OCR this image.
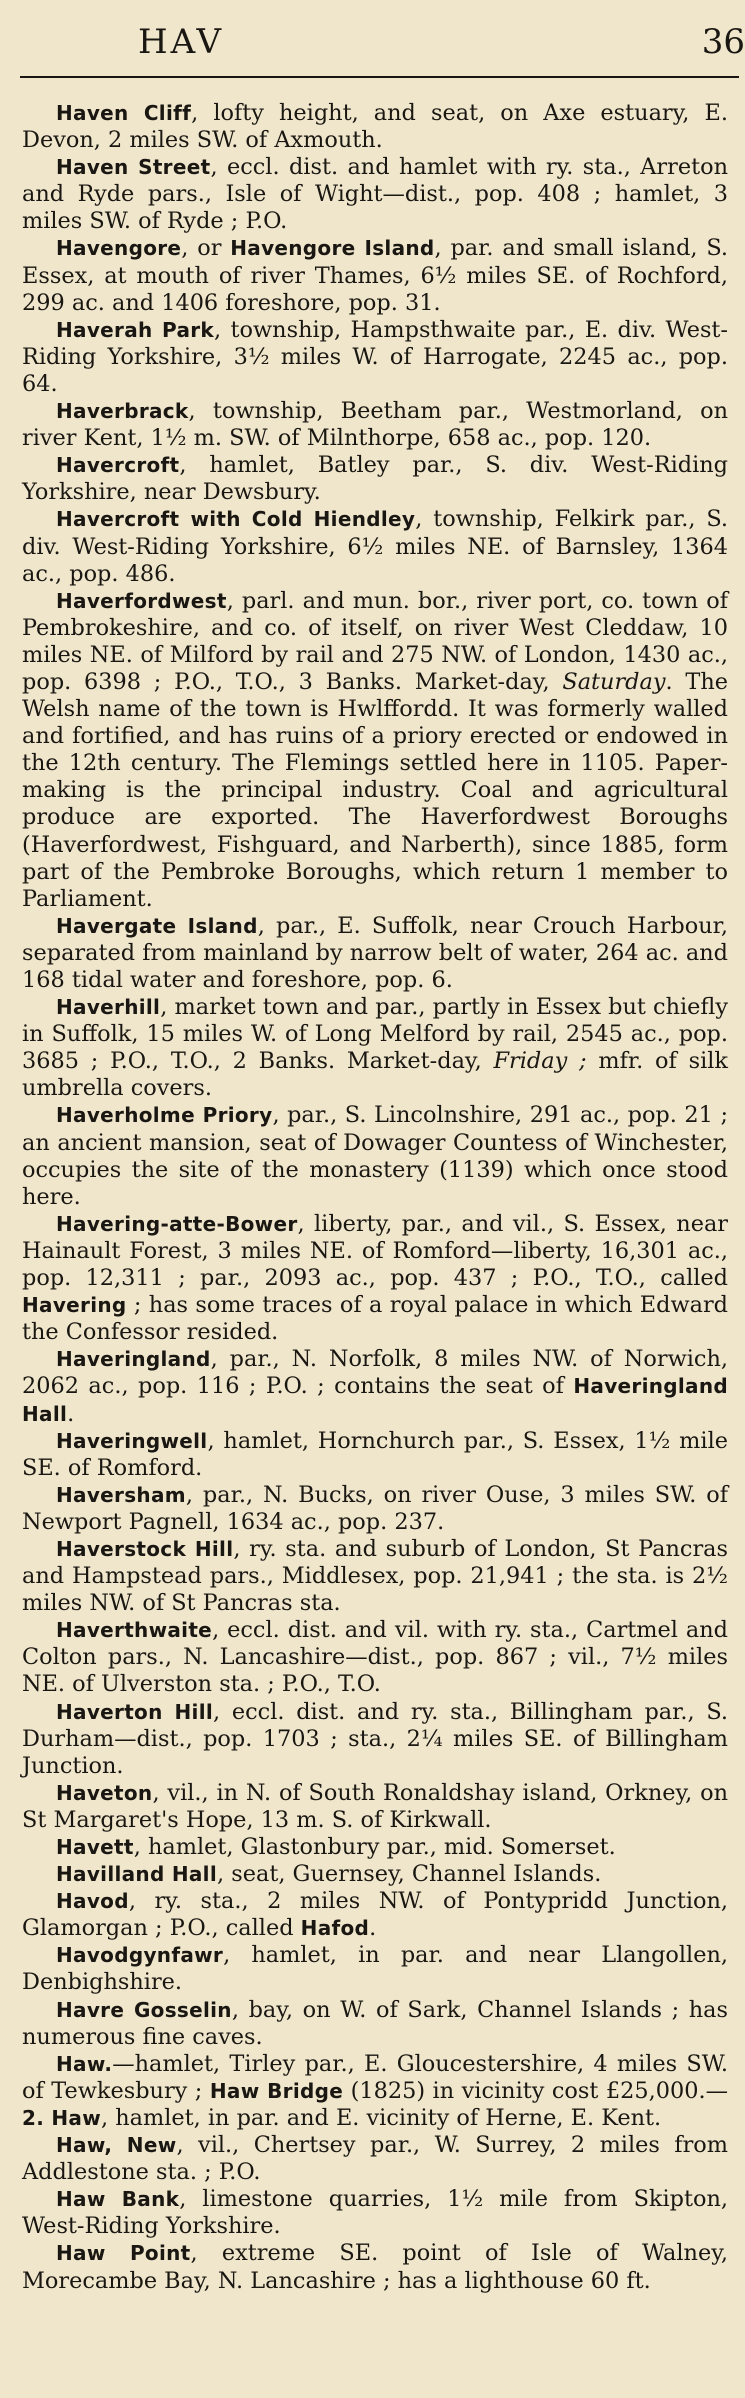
HAV	36

Haven Cliff, lofty height, and seat, on Axe estuary, E. Devon, 2 miles SW. of Axmouth.

Haven Street, eccl. dist. and hamlet with ry. sta., Arreton and Ryde pars., Isle of Wight—dist., pop. 408 ; hamlet, 3 miles SW. of Ryde ; P.O.

Havengore, or Havengore Island, par. and small island, S. Essex, at mouth of river Thames, 6½ miles SE. of Rochford, 299 ac. and 1406 foreshore, pop. 31.

Haverah Park, township, Hampsthwaite par., E. div. West-Riding Yorkshire, 3½ miles W. of Harrogate, 2245 ac., pop. 64.

Haverbrack, township, Beetham par., Westmorland, on river Kent, 1½ m. SW. of Milnthorpe, 658 ac., pop. 120.

Havercroft, hamlet, Batley par., S. div. West-Riding Yorkshire, near Dewsbury.

Havercroft with Cold Hiendley, township, Felkirk par., S. div. West-Riding Yorkshire, 6½ miles NE. of Barnsley, 1364 ac., pop. 486.

Haverfordwest, parl. and mun. bor., river port, co. town of Pembrokeshire, and co. of itself, on river West Cleddaw, 10 miles NE. of Milford by rail and 275 NW. of London, 1430 ac., pop. 6398 ; P.O., T.O., 3 Banks. Market-day, Saturday. The Welsh name of the town is Hwlffordd. It was formerly walled and fortified, and has ruins of a priory erected or endowed in the 12th century. The Flemings settled here in 1105. Paper-making is the principal industry. Coal and agricultural produce are exported. The Haverfordwest Boroughs (Haverfordwest, Fishguard, and Narberth), since 1885, form part of the Pembroke Boroughs, which return 1 member to Parliament.

Havergate Island, par., E. Suffolk, near Crouch Harbour, separated from mainland by narrow belt of water, 264 ac. and 168 tidal water and foreshore, pop. 6.

Haverhill, market town and par., partly in Essex but chiefly in Suffolk, 15 miles W. of Long Melford by rail, 2545 ac., pop. 3685 ; P.O., T.O., 2 Banks. Market-day, Friday ; mfr. of silk umbrella covers.

Haverholme Priory, par., S. Lincolnshire, 291 ac., pop. 21 ; an ancient mansion, seat of Dowager Countess of Winchester, occupies the site of the monastery (1139) which once stood here.

Havering-atte-Bower, liberty, par., and vil., S. Essex, near Hainault Forest, 3 miles NE. of Romford—liberty, 16,301 ac., pop. 12,311 ; par., 2093 ac., pop. 437 ; P.O., T.O., called Havering ; has some traces of a royal palace in which Edward the Confessor resided.

Haveringland, par., N. Norfolk, 8 miles NW. of Norwich, 2062 ac., pop. 116 ; P.O. ; contains the seat of Haveringland Hall.

Haveringwell, hamlet, Hornchurch par., S. Essex, 1½ mile SE. of Romford.

Haversham, par., N. Bucks, on river Ouse, 3 miles SW. of Newport Pagnell, 1634 ac., pop. 237.

Haverstock Hill, ry. sta. and suburb of London, St Pancras and Hampstead pars., Middlesex, pop. 21,941 ; the sta. is 2½ miles NW. of St Pancras sta.

Haverthwaite, eccl. dist. and vil. with ry. sta., Cartmel and Colton pars., N. Lancashire—dist., pop. 867 ; vil., 7½ miles NE. of Ulverston sta. ; P.O., T.O.

Haverton Hill, eccl. dist. and ry. sta., Billingham par., S. Durham—dist., pop. 1703 ; sta., 2¼ miles SE. of Billingham Junction.

Haveton, vil., in N. of South Ronaldshay island, Orkney, on St Margaret's Hope, 13 m. S. of Kirkwall.

Havett, hamlet, Glastonbury par., mid. Somerset.

Havilland Hall, seat, Guernsey, Channel Islands.

Havod, ry. sta., 2 miles NW. of Pontypridd Junction, Glamorgan ; P.O., called Hafod.

Havodgynfawr, hamlet, in par. and near Llangollen, Denbighshire.

Havre Gosselin, bay, on W. of Sark, Channel Islands ; has numerous fine caves.

Haw.—hamlet, Tirley par., E. Gloucestershire, 4 miles SW. of Tewkesbury ; Haw Bridge (1825) in vicinity cost £25,000.—2. Haw, hamlet, in par. and E. vicinity of Herne, E. Kent.

Haw, New, vil., Chertsey par., W. Surrey, 2 miles from Addlestone sta. ; P.O.

Haw Bank, limestone quarries, 1½ mile from Skipton, West-Riding Yorkshire.

Haw Point, extreme SE. point of Isle of Walney, Morecambe Bay, N. Lancashire ; has a lighthouse 60 ft.
